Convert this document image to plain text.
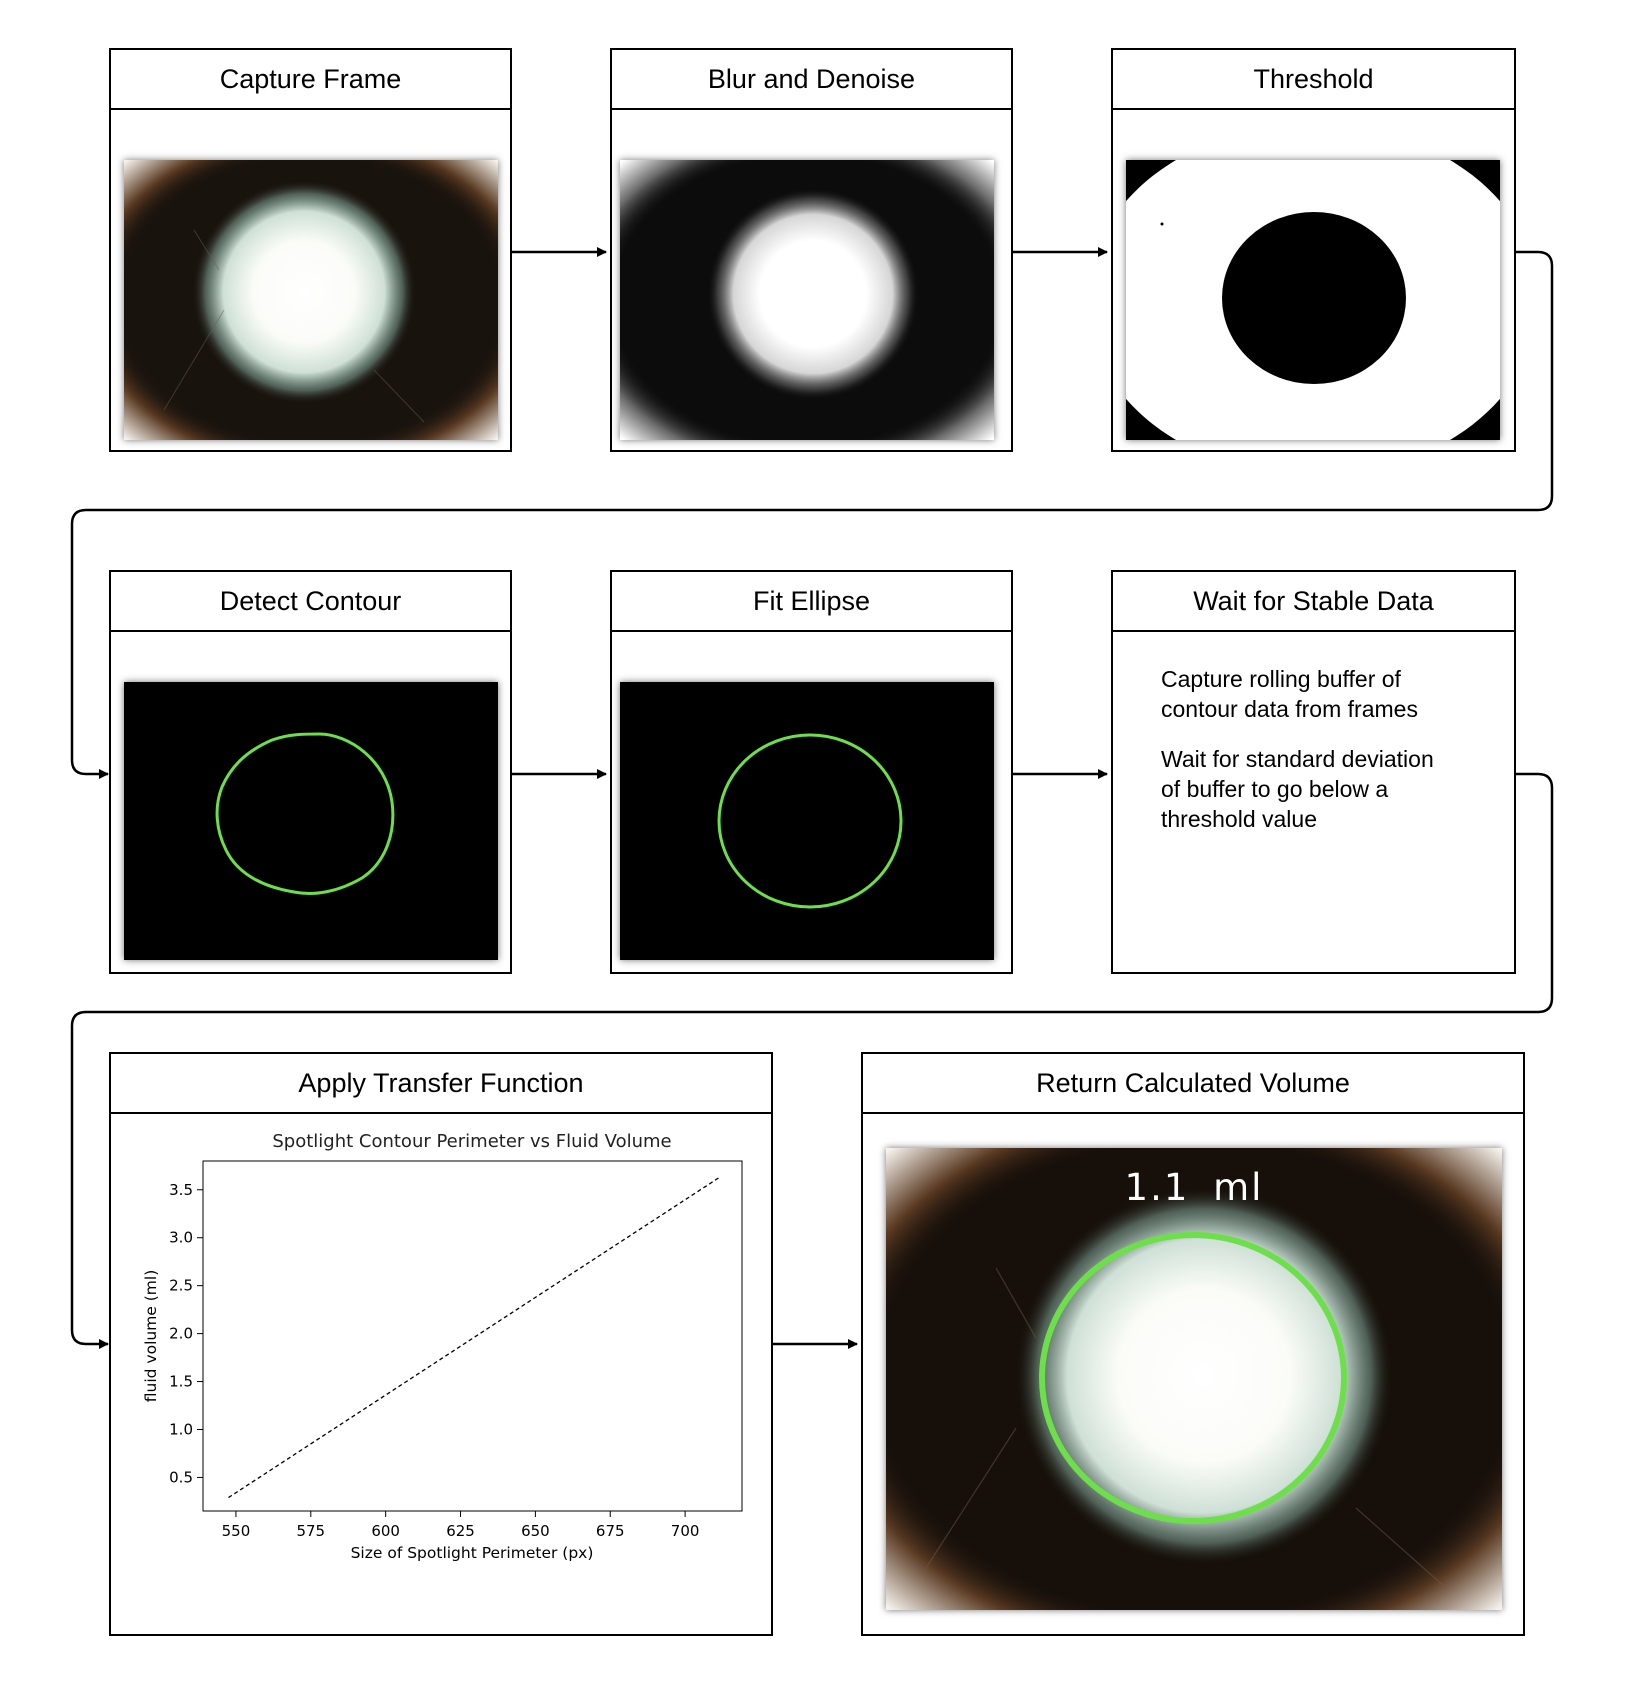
Capture Frame	Blur and Denoise	Threshold
Detect Contour	Fit Ellipse	Wait for Stable Data

Capture rolling buffer of contour data from frames

Wait for standard deviation of buffer to go below a threshold value

Apply Transfer Function
Spotlight Contour Perimeter vs Fluid Volume
550	575	600	625	650	675	700
0.5
1.0
1.5
2.0
2.5
3.0
3.5
Size of Spotlight Perimeter (px)
fluid volume (ml)
Return Calculated Volume
1.1 ml
